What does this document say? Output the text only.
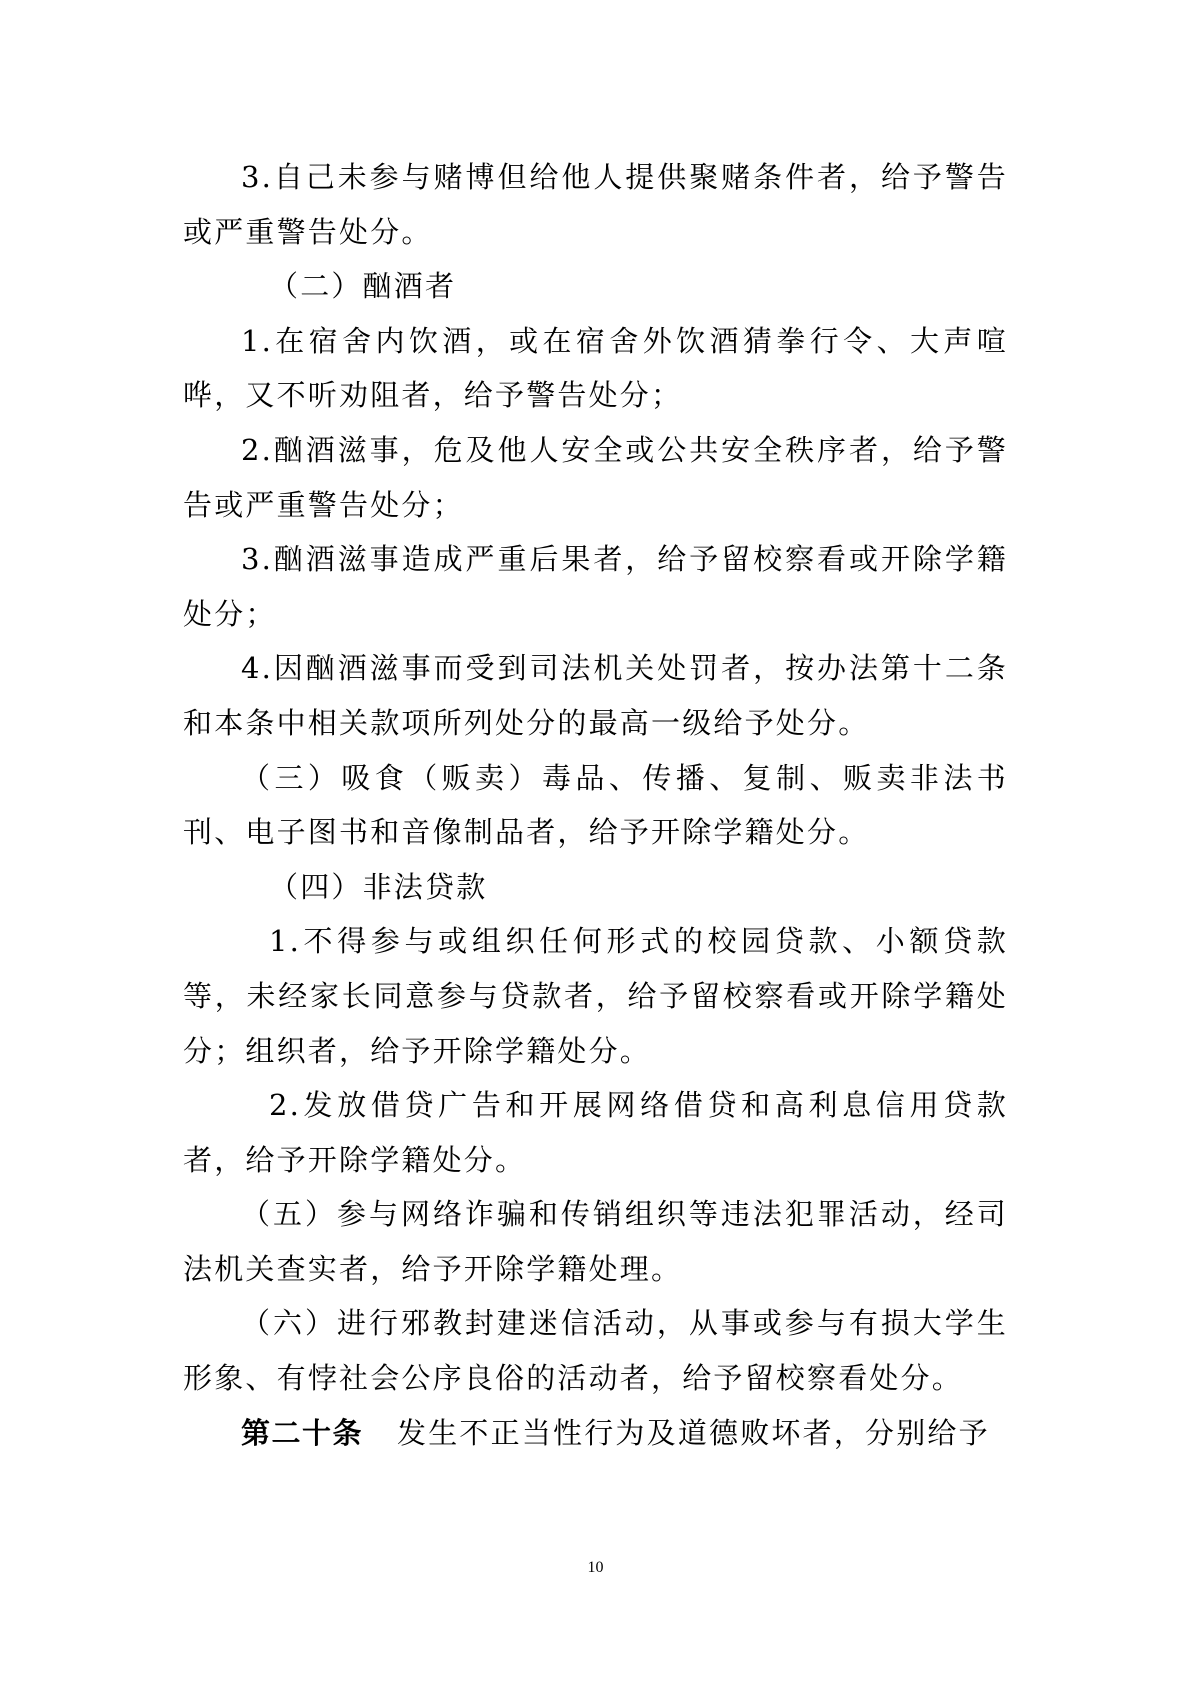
3.自己未参与赌博但给他人提供聚赌条件者，给予警告或严重警告处分。

（二）酗酒者

1.在宿舍内饮酒，或在宿舍外饮酒猜拳行令、大声喧哗，又不听劝阻者，给予警告处分；

2.酗酒滋事，危及他人安全或公共安全秩序者，给予警告或严重警告处分；

3.酗酒滋事造成严重后果者，给予留校察看或开除学籍处分；

4.因酗酒滋事而受到司法机关处罚者，按办法第十二条和本条中相关款项所列处分的最高一级给予处分。

（三）吸食（贩卖）毒品、传播、复制、贩卖非法书刊、电子图书和音像制品者，给予开除学籍处分。

（四）非法贷款

1.不得参与或组织任何形式的校园贷款、小额贷款等，未经家长同意参与贷款者，给予留校察看或开除学籍处分；组织者，给予开除学籍处分。

2.发放借贷广告和开展网络借贷和高利息信用贷款者，给予开除学籍处分。

（五）参与网络诈骗和传销组织等违法犯罪活动，经司法机关查实者，给予开除学籍处理。

（六）进行邪教封建迷信活动，从事或参与有损大学生形象、有悖社会公序良俗的活动者，给予留校察看处分。

第二十条 发生不正当性行为及道德败坏者，分别给予

10
